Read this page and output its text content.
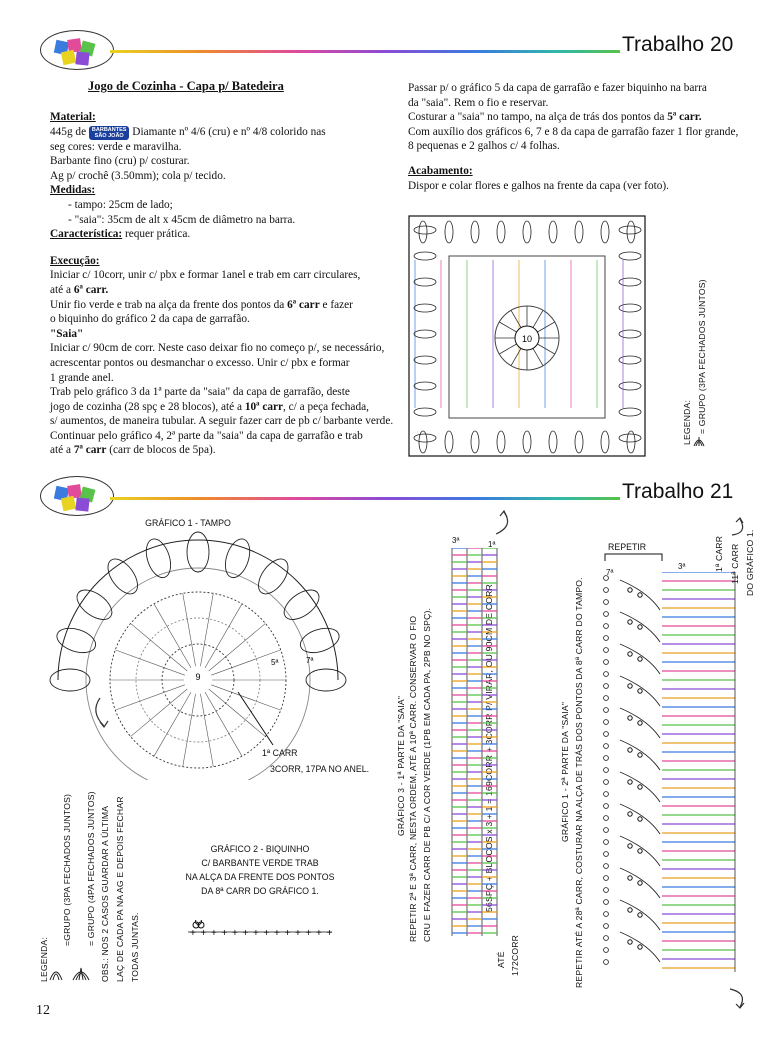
Trabalho 20
Jogo de Cozinha - Capa p/ Batedeira
Material:
445g de BARBANTES
SÃO JOÃO Diamante nº 4/6 (cru) e nº 4/8 colorido nas
seg cores: verde e maravilha.
Barbante fino (cru) p/ costurar.
Ag p/ crochê (3.50mm); cola p/ tecido.
Medidas:
- tampo: 25cm de lado;
- "saia": 35cm de alt x 45cm de diâmetro na barra.
Característica: requer prática.
Execução:
Iniciar c/ 10corr, unir c/ pbx e formar 1anel e trab em carr circulares,
até a 6ª carr.
Unir fio verde e trab na alça da frente dos pontos da 6ª carr e fazer
o biquinho do gráfico 2 da capa de garrafão.
"Saia"
Iniciar c/ 90cm de corr. Neste caso deixar fio no começo p/, se necessário,
acrescentar pontos ou desmanchar o excesso. Unir c/ pbx e formar
1 grande anel.
Trab pelo gráfico 3 da 1ª parte da "saia" da capa de garrafão, deste
jogo de cozinha (28 spç e 28 blocos), até a 10ª carr, c/ a peça fechada,
s/ aumentos, de maneira tubular. A seguir fazer carr de pb c/ barbante verde.
Continuar pelo gráfico 4, 2ª parte da "saia" da capa de garrafão e trab
até a 7ª carr (carr de blocos de 5pa).
Passar p/ o gráfico 5 da capa de garrafão e fazer biquinho na barra
da "saia". Rem o fio e reservar.
Costurar a "saia" no tampo, na alça de trás dos pontos da 5ª carr.
Com auxílio dos gráficos 6, 7 e 8 da capa de garrafão fazer 1 flor grande,
8 pequenas e 2 galhos c/ 4 folhas.
Acabamento:
Dispor e colar flores e galhos na frente da capa (ver foto).
10
LEGENDA: = GRUPO (3PA FECHADOS JUNTOS)
Trabalho 21
GRÁFICO 1 - TAMPO
9
5ª	7ª
1ª CARR
3CORR, 17PA NO ANEL.
GRÁFICO 2 - BIQUINHO
C/ BARBANTE VERDE TRAB
NA ALÇA DA FRENTE DOS PONTOS
DA 8ª CARR DO GRÁFICO 1.
+ + + + + + + + + + + + + +
LEGENDA:
=GRUPO (3PA FECHADOS JUNTOS) = GRUPO (4PA FECHADOS JUNTOS) OBS.: NOS 2 CASOS GUARDAR A ÚLTIMA LAÇ DE CADA PA NA AG E DEPOIS FECHAR TODAS JUNTAS.
GRÁFICO 3 - 1ª PARTE DA "SAIA" REPETIR 2ª E 3ª CARR, NESTA ORDEM, ATÉ A 10ª CARR. CONSERVAR O FIO CRU E FAZER CARR DE PB C/ A COR VERDE (1PB EM CADA PA, 2PB NO SPÇ).	56SPÇ + BLOCOS x 3 + 1 = 169CORR + 3CORR P/ VIRAR, OU 90CM DE CORR.
ATÉ 172CORR
1ª
3ª
GRÁFICO 1 - 2ª PARTE DA "SAIA" REPETIR ATÉ A 28ª CARR, COSTURAR NA ALÇA DE TRÁS DOS PONTOS DA 8ª CARR DO TAMPO.
REPETIR
7ª
3ª	1ª CARR 11ª CARR DO GRÁFICO 1.
12
